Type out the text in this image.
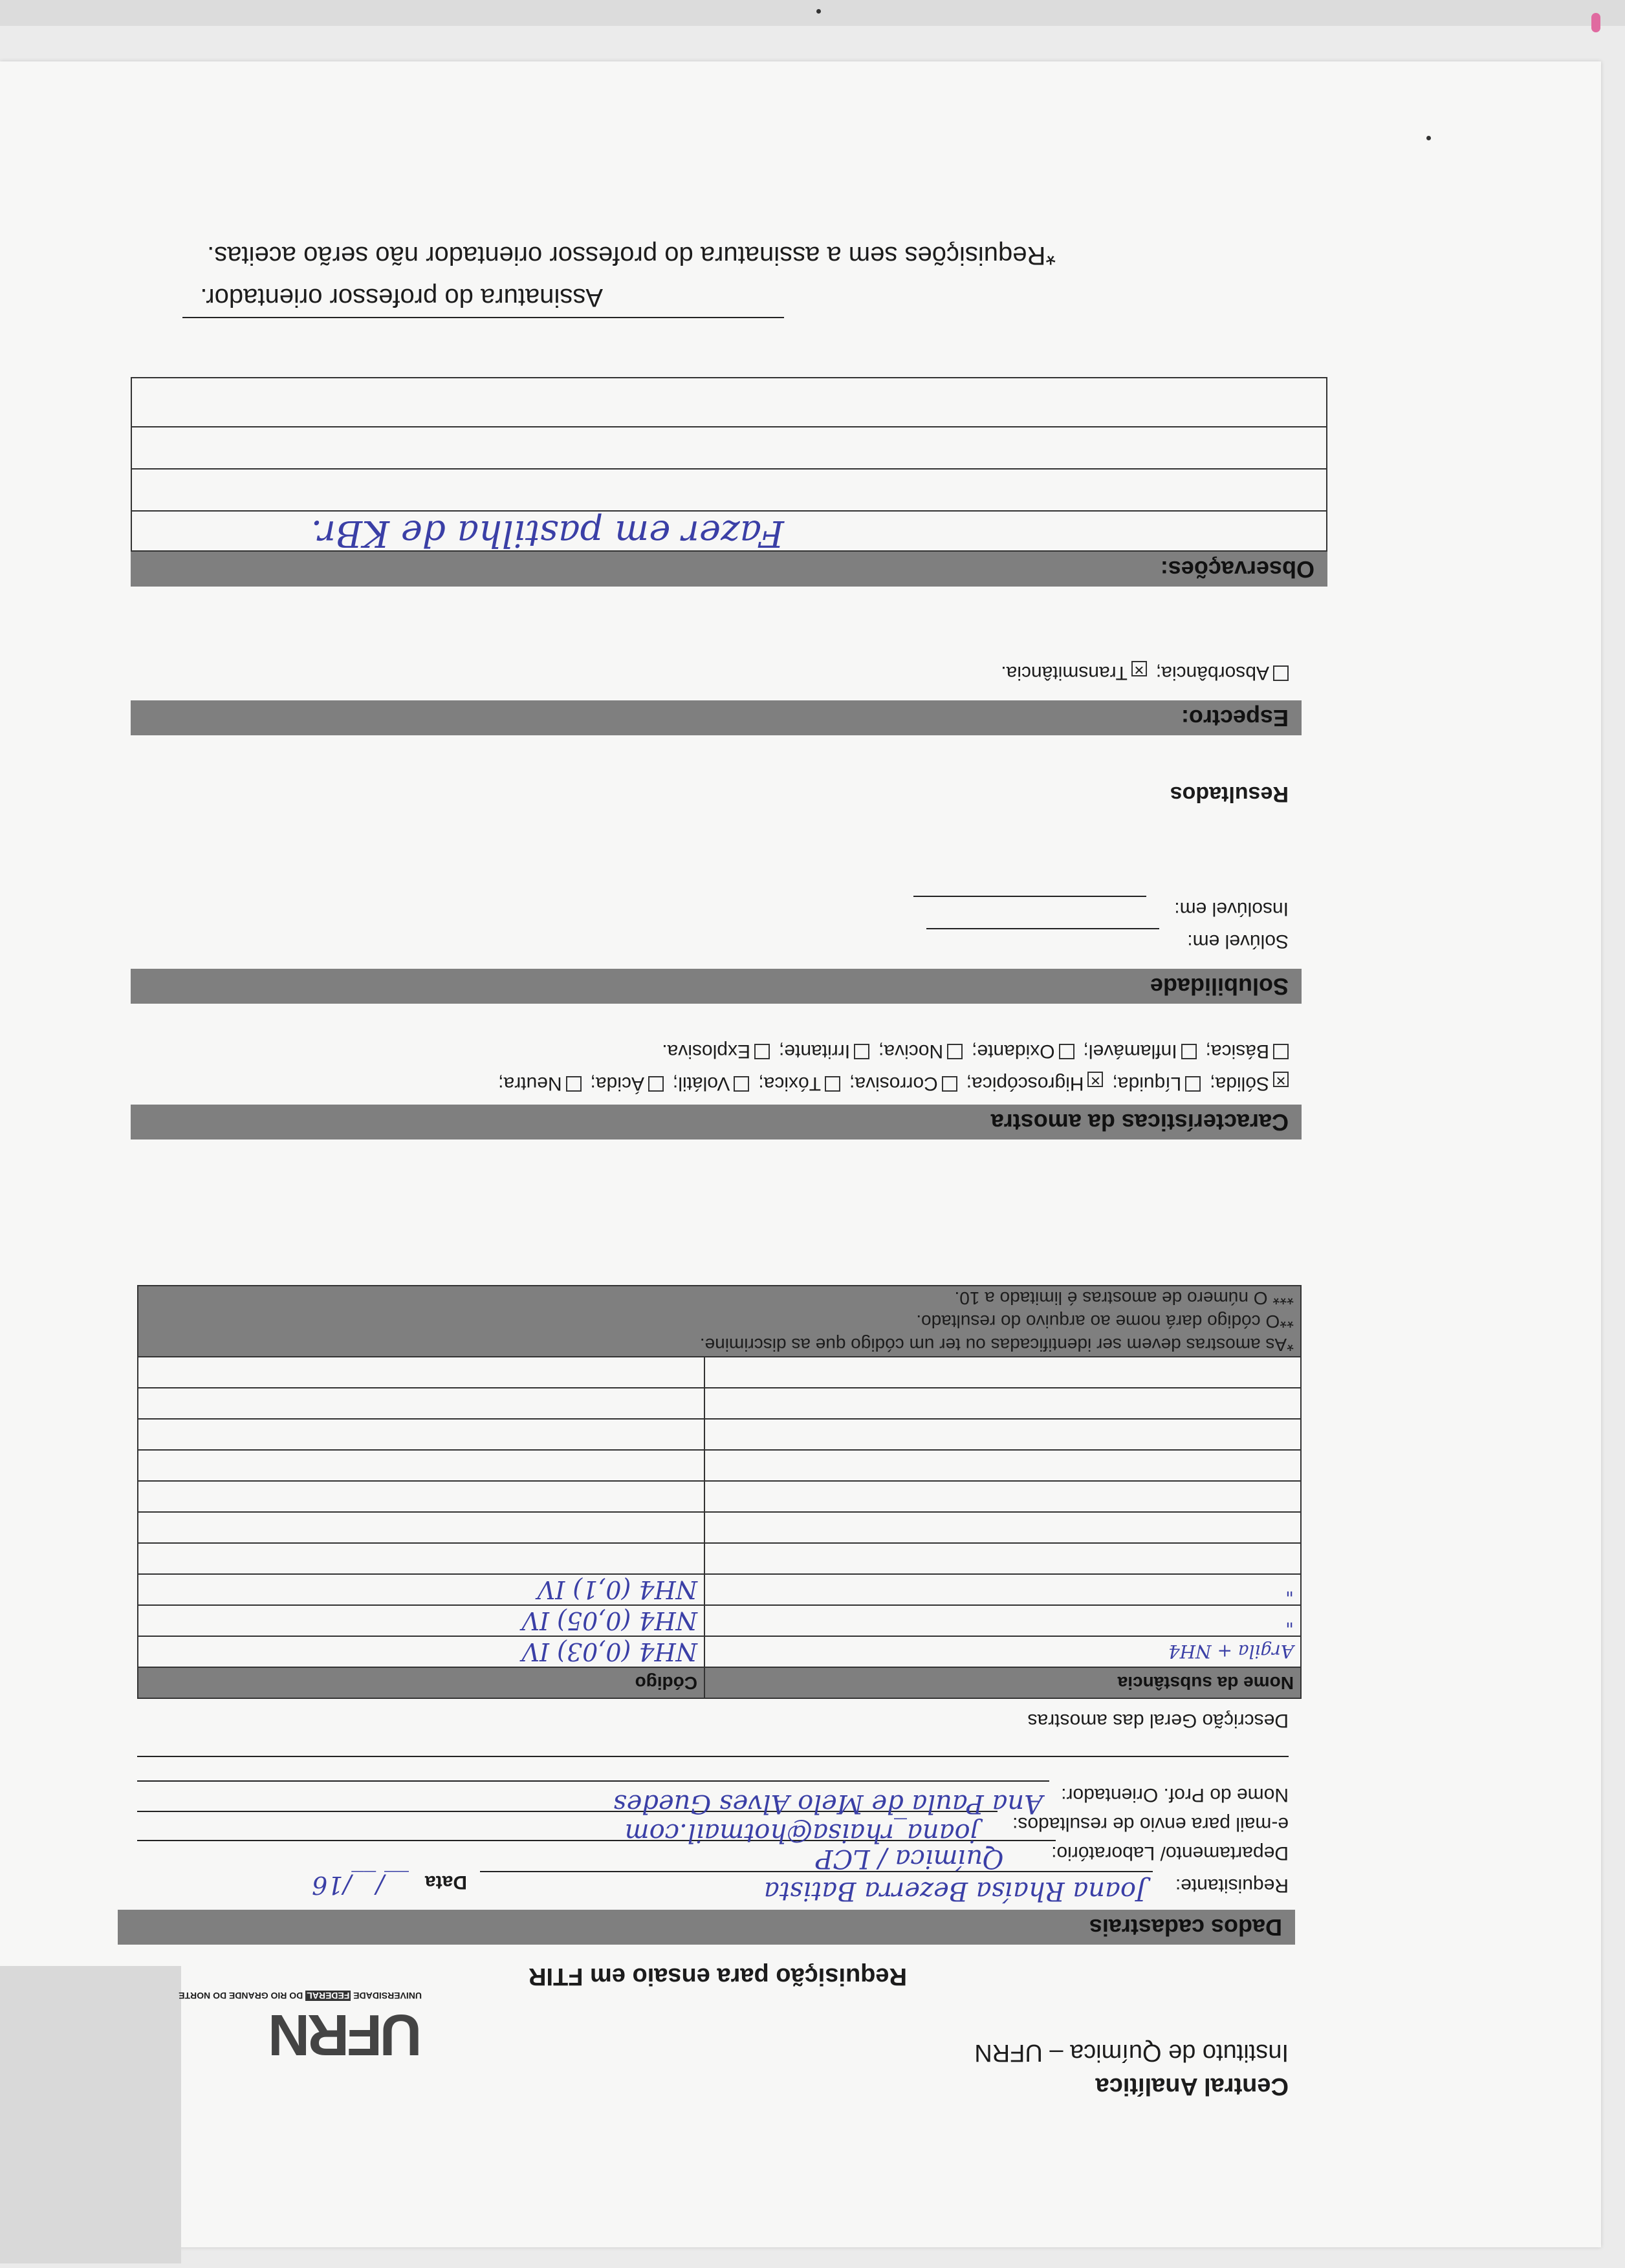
UFRN
UNIVERSIDADE FEDERAL DO RIO GRANDE DO NORTE
Central Analítica
Instituto de Química – UFRN
Requisição para ensaio em FTIR
Dados cadastrais
Requisitante:
Joana Rhaísa Bezerra Batista
Data
__/__/16
Departamento/ Laboratório:
Química / LCP
e-mail para envio de resultados:
joana_rhaisa@hotmail.com
Nome do Prof. Orientador:
Ana Paula de Melo Alves Guedes
Descrição Geral das amostras
Nome da substância	Código
Argila + NH4	NH4 (0,03) IV
"	NH4 (0,05) IV
"	NH4 (0,1) IV

*As amostras devem ser identificadas ou ter um código que as discrimine.
**O código dará nome ao arquivo do resultado.
*** O número de amostras é limitado a 10.	
Características da amostra
✕Sólida;Líquida;✕Higroscópica;Corrosiva;Tóxica;Volátil;Ácida;Neutra;
Básica;Inflamável;Oxidante;Nociva;Irritante;Explosiva.
Solubilidade
Solúvel em:
Insolúvel em:
Resultados
Espectro:
Absorbância;✕Transmitância.
Observações:
Fazer em pastilha de KBr.
Assinatura do professor orientador.
*Requisições sem a assinatura do professor orientador não serão aceitas.
